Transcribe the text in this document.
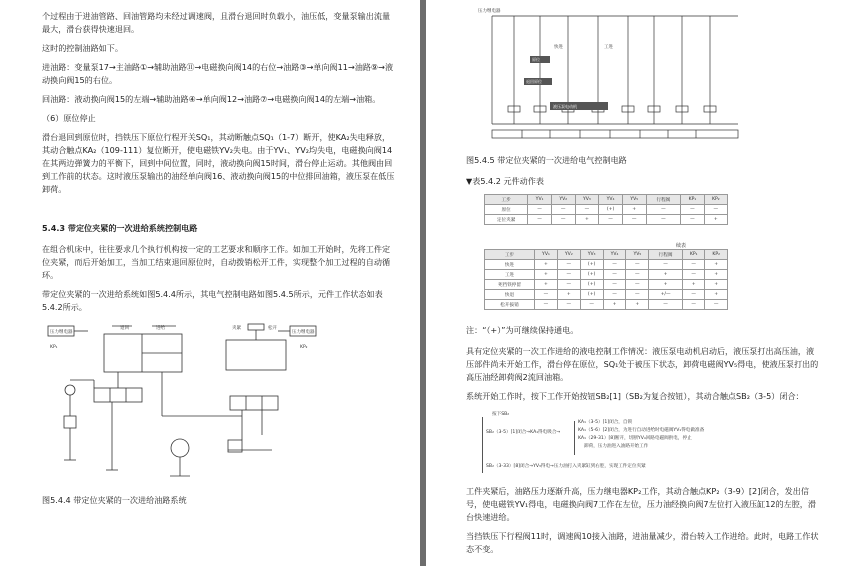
个过程由于进油管路、回油管路均未经过调速阀，且滑台退回时负载小，油压低，变量泵输出流量最大，滑台获得快速退回。

这时的控制油路如下。

进油路：变量泵17→主油路①→辅助油路⑪→电磁换向阀14的右位→油路③→单向阀11→油路⑨→液动换向阀15的右位。

回油路：液动换向阀15的左端→辅助油路④→单向阀12→油路⑦→电磁换向阀14的左端→油箱。

（6）原位停止

滑台退回到原位时，挡铁压下原位行程开关SQ₁，其动断触点SQ₁（1-7）断开，使KA₂失电释放，其动合触点KA₂（109-111）复位断开，使电磁铁YV₂失电。由于YV₁、YV₂均失电，电磁换向阀14在其两边弹簧力的平衡下，回到中间位置，同时，液动换向阀15时间，滑台停止运动。其他阀由回到工作前的状态。这时液压泵输出的油经单向阀16、液动换向阀15的中位排回油箱，液压泵在低压卸荷。

5.4.3 带定位夹紧的一次进给系统控制电路

在组合机床中，往往要求几个执行机构按一定的工艺要求和顺序工作。如加工开始时，先将工件定位夹紧，而后开始加工，当加工结束退回原位时，自动拨销松开工件，实现整个加工过程的自动循环。

带定位夹紧的一次进给系统如图5.4.4所示，其电气控制电路如图5.4.5所示，元件工作状态如表5.4.2所示。

压力继电器
退回	进给	夹紧	松开
压力继电器
KP₁	KP₂

图5.4.4 带定位夹紧的一次进给油路系统

压力继电器
快进	工进
原位
退回原位
液压泵电动机

图5.4.5 带定位夹紧的一次进给电气控制电路

▼表5.4.2 元件动作表

工步	YV₁	YV₂	YV₃	YV₄	YV₅	行程阀	KP₁	KP₂
原位	—	—	—	(+)	+	—	—	—
定位夹紧	—	—	+	—	—	—	—	+

续表

工步	YV₁	YV₂	YV₃	YV₄	YV₅	行程阀	KP₁	KP₂
快进	+	—	(+)	—	—	—	—	+
工进	+	—	(+)	—	—	+	—	+
死挡铁停留	+	—	(+)	—	—	+	+	+
快退	—	+	(+)	—	—	+/—	—	+
松开拔销	—	—	—	+	+	—	—	—

注：“（+）”为可继续保持通电。

具有定位夹紧的一次工作进给的液电控制工作情况：液压泵电动机启动后，液压泵打出高压油，液压部件尚未开始工作，滑台停在原位，SQ₁处于被压下状态，卸荷电磁阀YV₅得电，使液压泵打出的高压油经卸荷阀2流回油箱。

系统开始工作时，按下工作开始按钮SB₂[1]（SB₂为复合按钮），其动合触点SB₂（3-5）闭合：

按下SB₂
SB₂（3-5）[1]闭合→KA₁得电吸合→
KA₁（3-5）[1]闭合，自锁
KA₁（5-6）[2]闭合，为进行自动进给时电磁阀YV₁得电做准备
KA₁（29-31）[8]断开，切断YV₄回路电磁阀供电，停止
卸荷，压力油进入油路开始工作
SB₂（3-33）[8]闭合→YV₃得电→压力油打入夹紧缸到右腔，实现工件定位夹紧

工件夹紧后，油路压力逐渐升高，压力继电器KP₂工作，其动合触点KP₂（3-9）[2]闭合，发出信号，使电磁铁YV₁得电，电磁换向阀7工作在左位，压力油经换向阀7左位打入液压缸12的左腔，滑台快速进给。

当挡铁压下行程阀11时，调速阀10接入油路，进油量减少，滑台转入工作进给。此时，电路工作状态不变。
